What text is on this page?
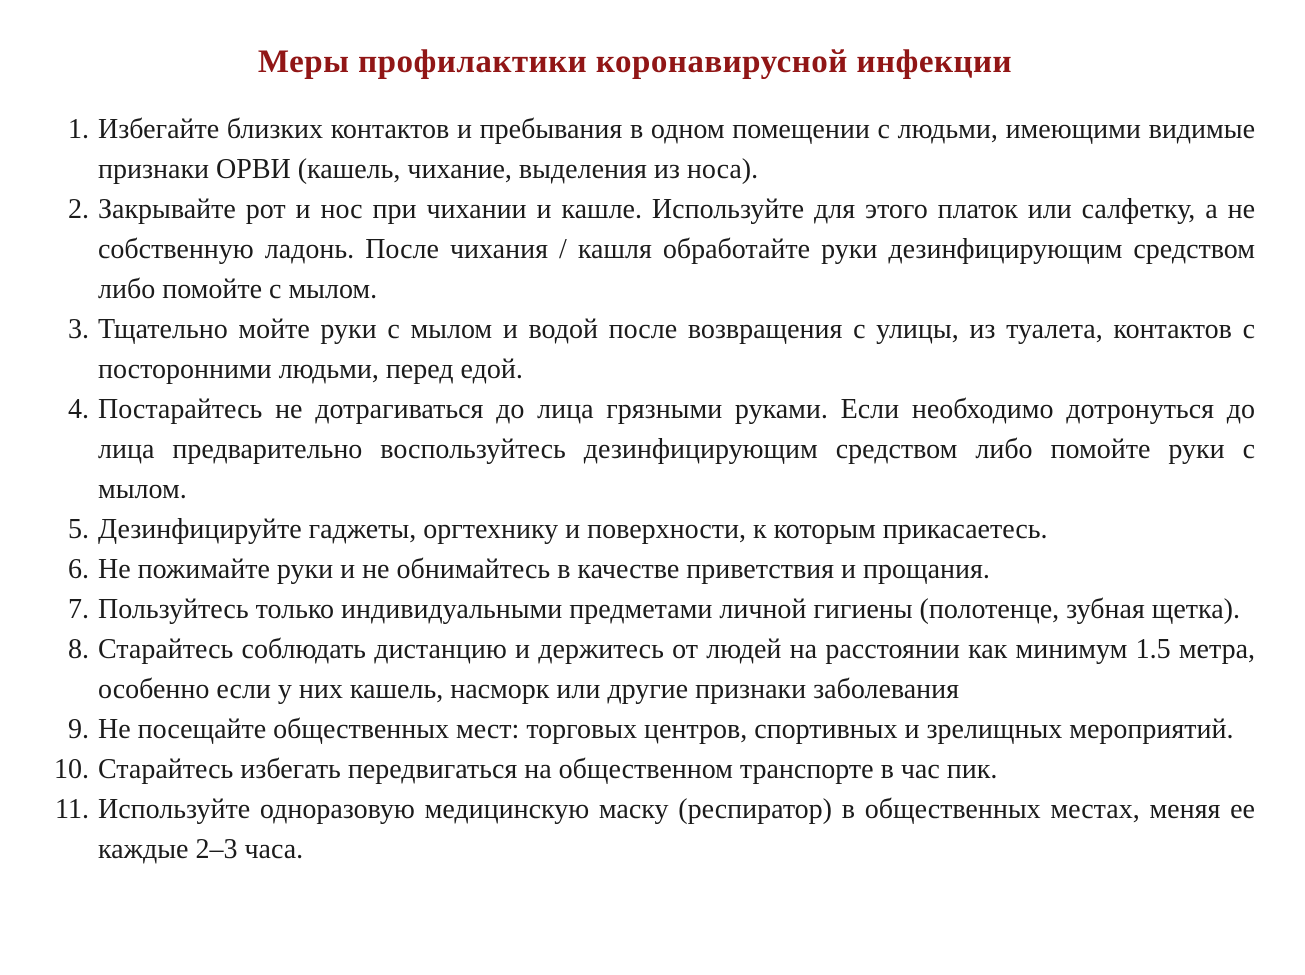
Меры профилактики коронавирусной инфекции
1. Избегайте близких контактов и пребывания в одном помещении с людьми, имеющими видимые признаки ОРВИ (кашель, чихание, выделения из носа).
2. Закрывайте рот и нос при чихании и кашле. Используйте для этого платок или салфетку, а не собственную ладонь. После чихания / кашля обработайте руки дезинфицирующим средством либо помойте с мылом.
3. Тщательно мойте руки с мылом и водой после возвращения с улицы, из туалета, контактов с посторонними людьми, перед едой.
4. Постарайтесь не дотрагиваться до лица грязными руками. Если необходимо дотронуться до лица предварительно воспользуйтесь дезинфицирующим средством либо помойте руки с мылом.
5. Дезинфицируйте гаджеты, оргтехнику и поверхности, к которым прикасаетесь.
6. Не пожимайте руки и не обнимайтесь в качестве приветствия и прощания.
7. Пользуйтесь только индивидуальными предметами личной гигиены (полотенце, зубная щетка).
8. Старайтесь соблюдать дистанцию и держитесь от людей на расстоянии как минимум 1.5 метра, особенно если у них кашель, насморк или другие признаки заболевания
9. Не посещайте общественных мест: торговых центров, спортивных и зрелищных мероприятий.
10. Старайтесь избегать передвигаться на общественном транспорте в час пик.
11. Используйте одноразовую медицинскую маску (респиратор) в общественных местах, меняя ее каждые 2–3 часа.
